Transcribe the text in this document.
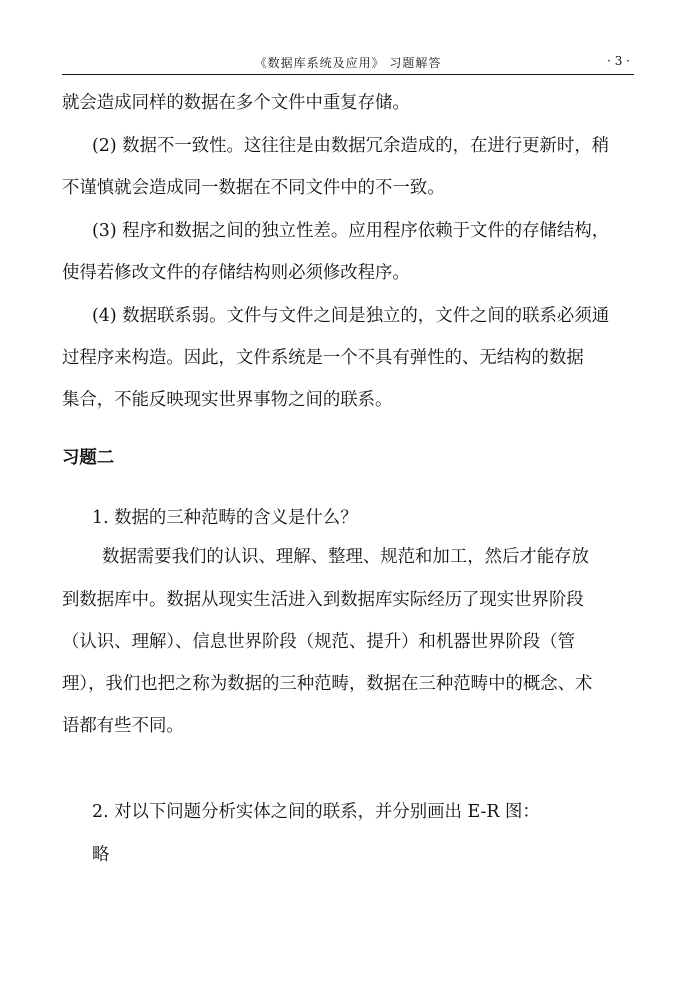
《数据库系统及应用》 习题解答	· 3 ·
就会造成同样的数据在多个文件中重复存储。
(2) 数据不一致性。这往往是由数据冗余造成的，在进行更新时，稍
不谨慎就会造成同一数据在不同文件中的不一致。
(3) 程序和数据之间的独立性差。应用程序依赖于文件的存储结构，
使得若修改文件的存储结构则必须修改程序。
(4) 数据联系弱。文件与文件之间是独立的，文件之间的联系必须通
过程序来构造。因此，文件系统是一个不具有弹性的、无结构的数据
集合，不能反映现实世界事物之间的联系。
习题二
1. 数据的三种范畴的含义是什么？
数据需要我们的认识、理解、整理、规范和加工，然后才能存放
到数据库中。数据从现实生活进入到数据库实际经历了现实世界阶段
（认识、理解）、信息世界阶段（规范、提升）和机器世界阶段（管
理），我们也把之称为数据的三种范畴，数据在三种范畴中的概念、术
语都有些不同。
2. 对以下问题分析实体之间的联系，并分别画出 E-R 图：
略
